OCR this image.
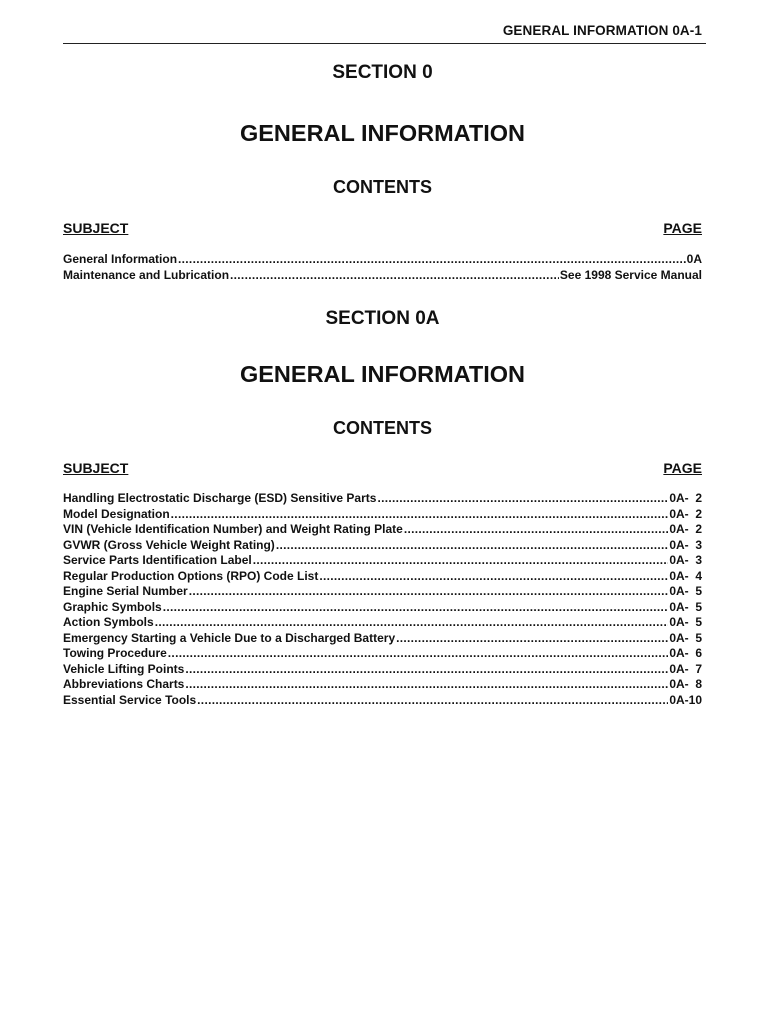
GENERAL INFORMATION 0A-1
SECTION 0
GENERAL INFORMATION
CONTENTS
SUBJECT	PAGE
General Information .....	0A
Maintenance and Lubrication .....	See 1998 Service Manual
SECTION 0A
GENERAL INFORMATION
CONTENTS
SUBJECT	PAGE
Handling Electrostatic Discharge (ESD) Sensitive Parts .....	0A-  2
Model Designation .....	0A-  2
VIN (Vehicle Identification Number) and Weight Rating Plate .....	0A-  2
GVWR (Gross Vehicle Weight Rating) .....	0A-  3
Service Parts Identification Label .....	0A-  3
Regular Production Options (RPO) Code List .....	0A-  4
Engine Serial Number .....	0A-  5
Graphic Symbols .....	0A-  5
Action Symbols .....	0A-  5
Emergency Starting a Vehicle Due to a Discharged Battery .....	0A-  5
Towing Procedure .....	0A-  6
Vehicle Lifting Points .....	0A-  7
Abbreviations Charts .....	0A-  8
Essential Service Tools .....	0A-10
